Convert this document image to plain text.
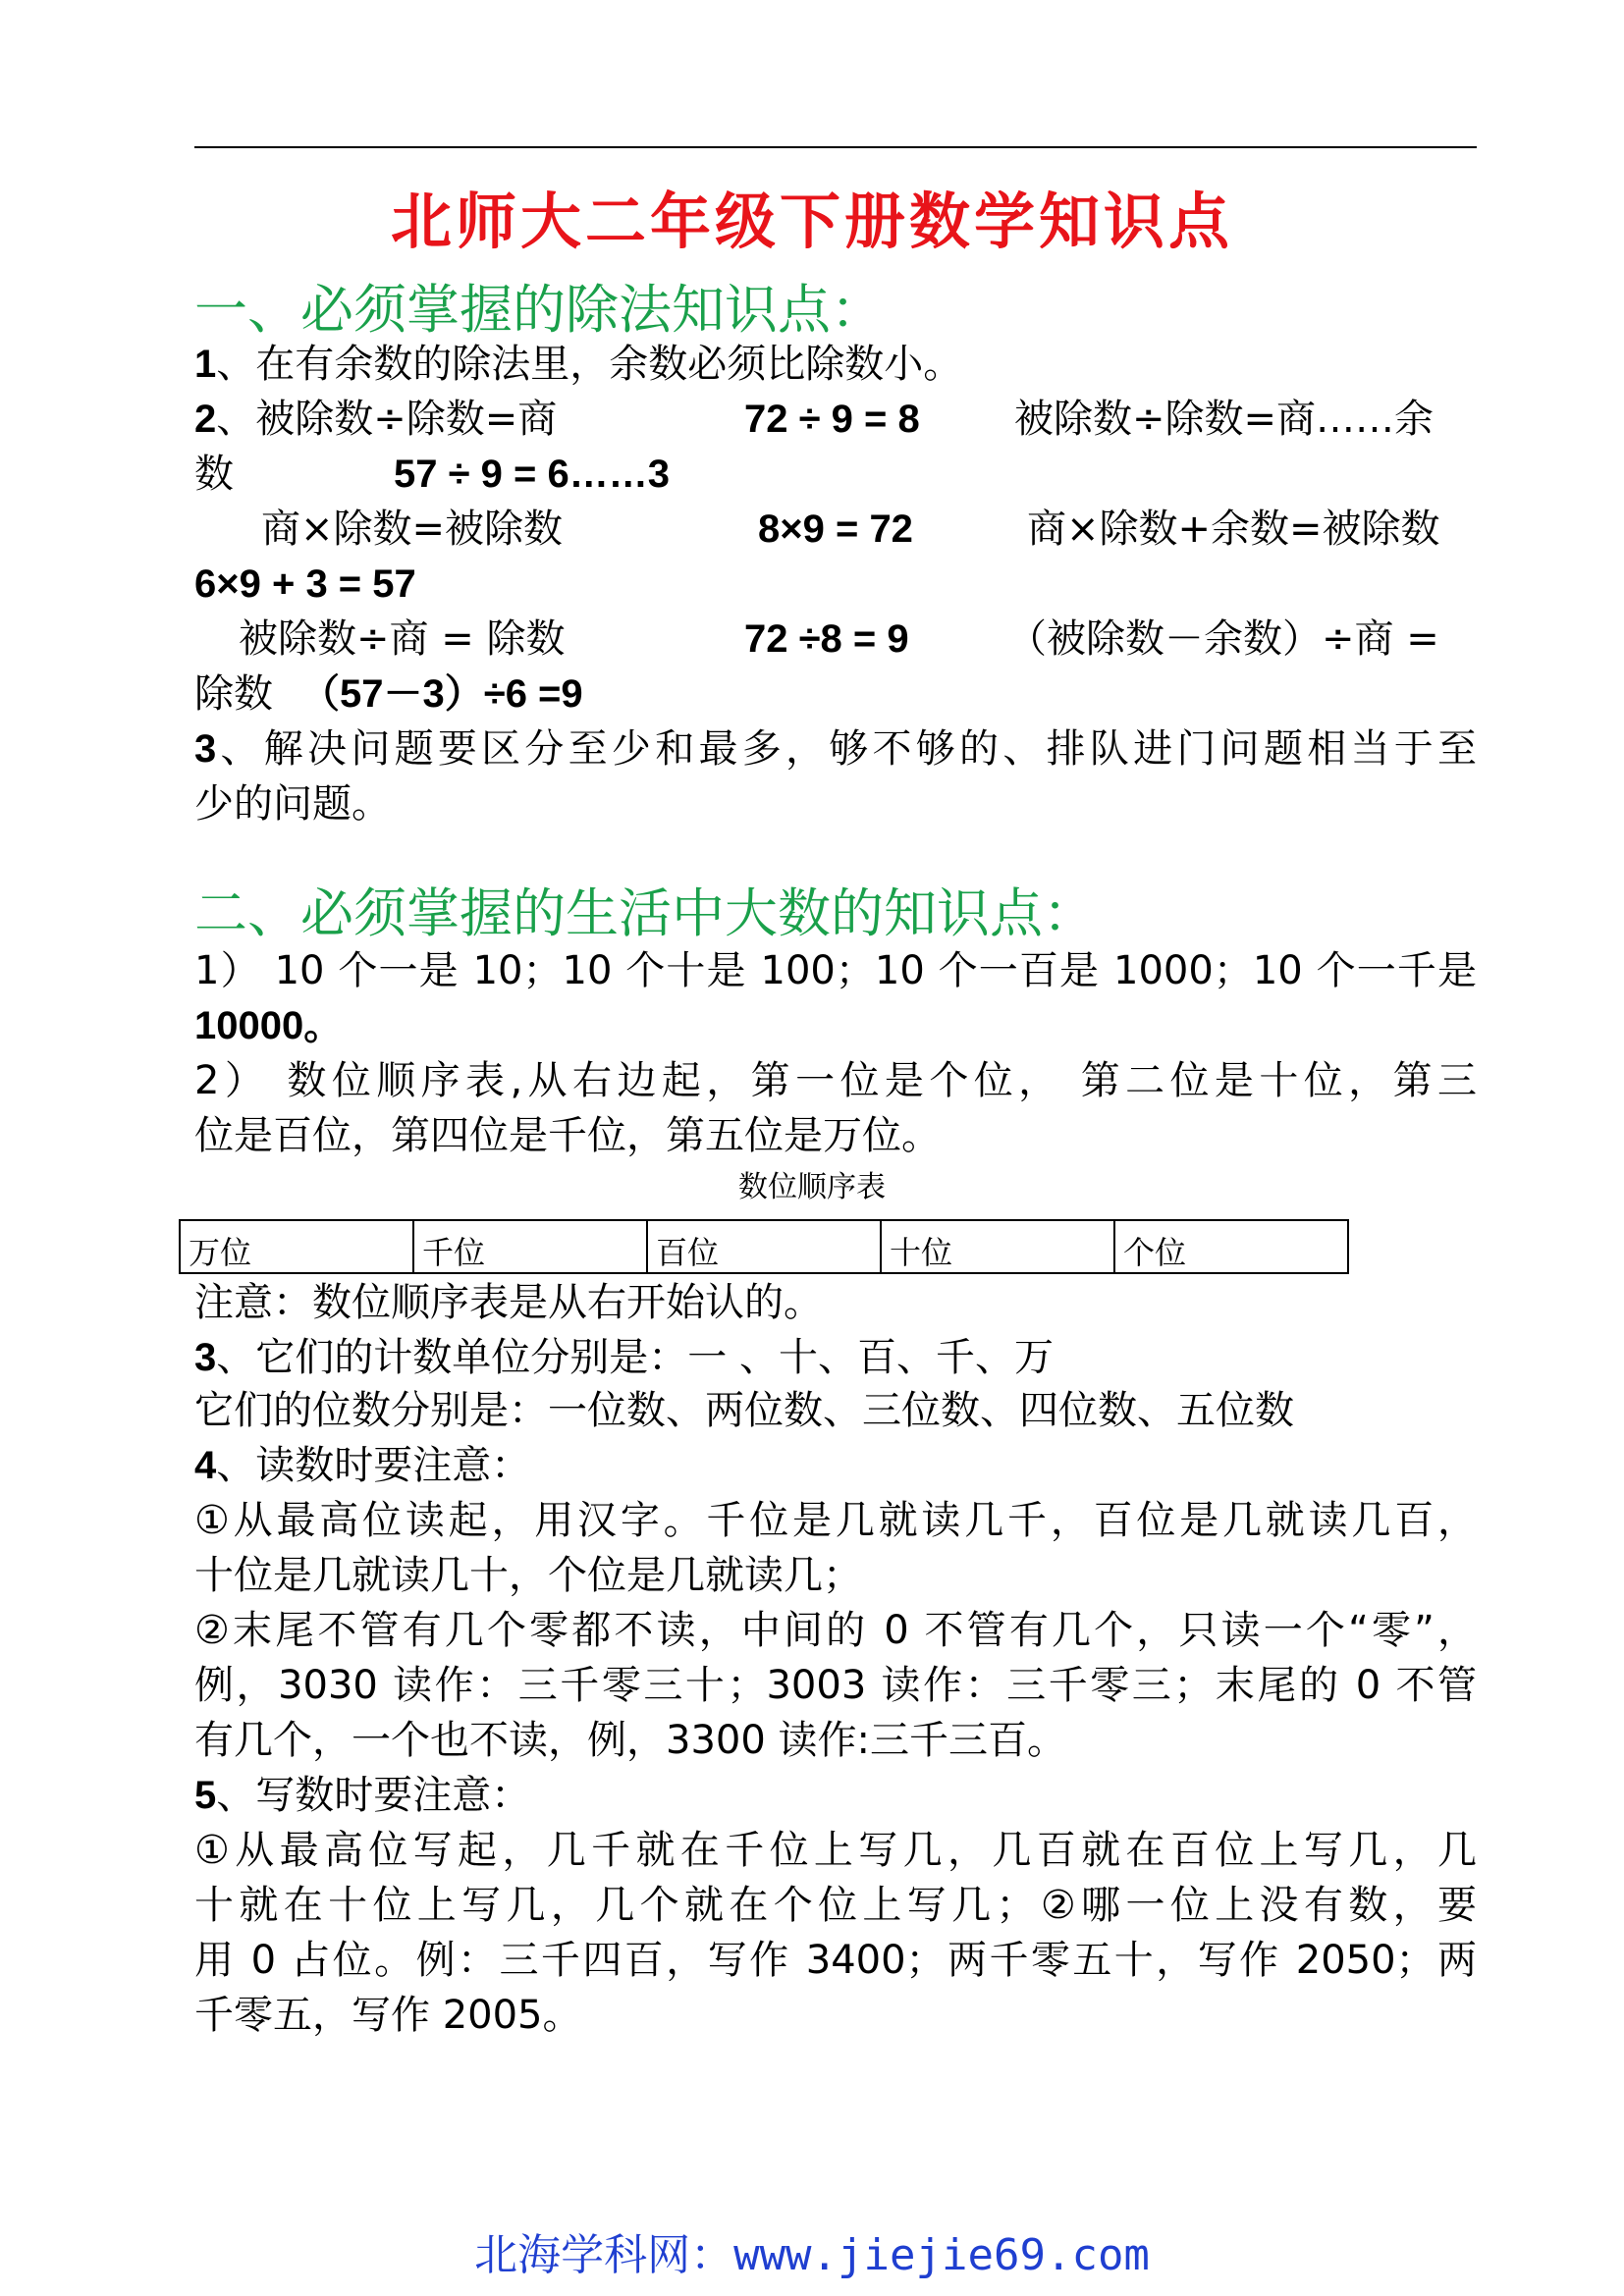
北师大二年级下册数学知识点
一、必须掌握的除法知识点：
1、在有余数的除法里，余数必须比除数小。
2、被除数÷除数=商	72 ÷ 9 = 8 被除数÷除数=商……余
数	57 ÷ 9 = 6……3
商×除数=被除数	8×9 = 72	商×除数+余数=被除数
6×9 + 3 = 57
被除数÷商 = 除数	72 ÷8 = 9	（被除数－余数）÷商 =
除数 （57－3）÷6 =9
3、解决问题要区分至少和最多，够不够的、排队进门问题相当于至
少的问题。
二、必须掌握的生活中大数的知识点：
1） 10 个一是 10；10 个十是 100；10 个一百是 1000；10 个一千是
10000。
2） 数位顺序表,从右边起，第一位是个位， 第二位是十位，第三
位是百位，第四位是千位，第五位是万位。
数位顺序表
万位	千位	百位	十位	个位
注意：数位顺序表是从右开始认的。
3、它们的计数单位分别是：一 、十、百、千、万
它们的位数分别是：一位数、两位数、三位数、四位数、五位数
4、读数时要注意：
①从最高位读起，用汉字。千位是几就读几千，百位是几就读几百，
十位是几就读几十，个位是几就读几；
②末尾不管有几个零都不读，中间的 0 不管有几个，只读一个“零”，
例，3030 读作：三千零三十；3003 读作：三千零三；末尾的 0 不管
有几个，一个也不读，例，3300 读作:三千三百。
5、写数时要注意：
①从最高位写起，几千就在千位上写几，几百就在百位上写几，几
十就在十位上写几，几个就在个位上写几；②哪一位上没有数，要
用 0 占位。例：三千四百，写作 3400；两千零五十，写作 2050；两
千零五，写作 2005。
北海学科网：www.jiejie69.com
